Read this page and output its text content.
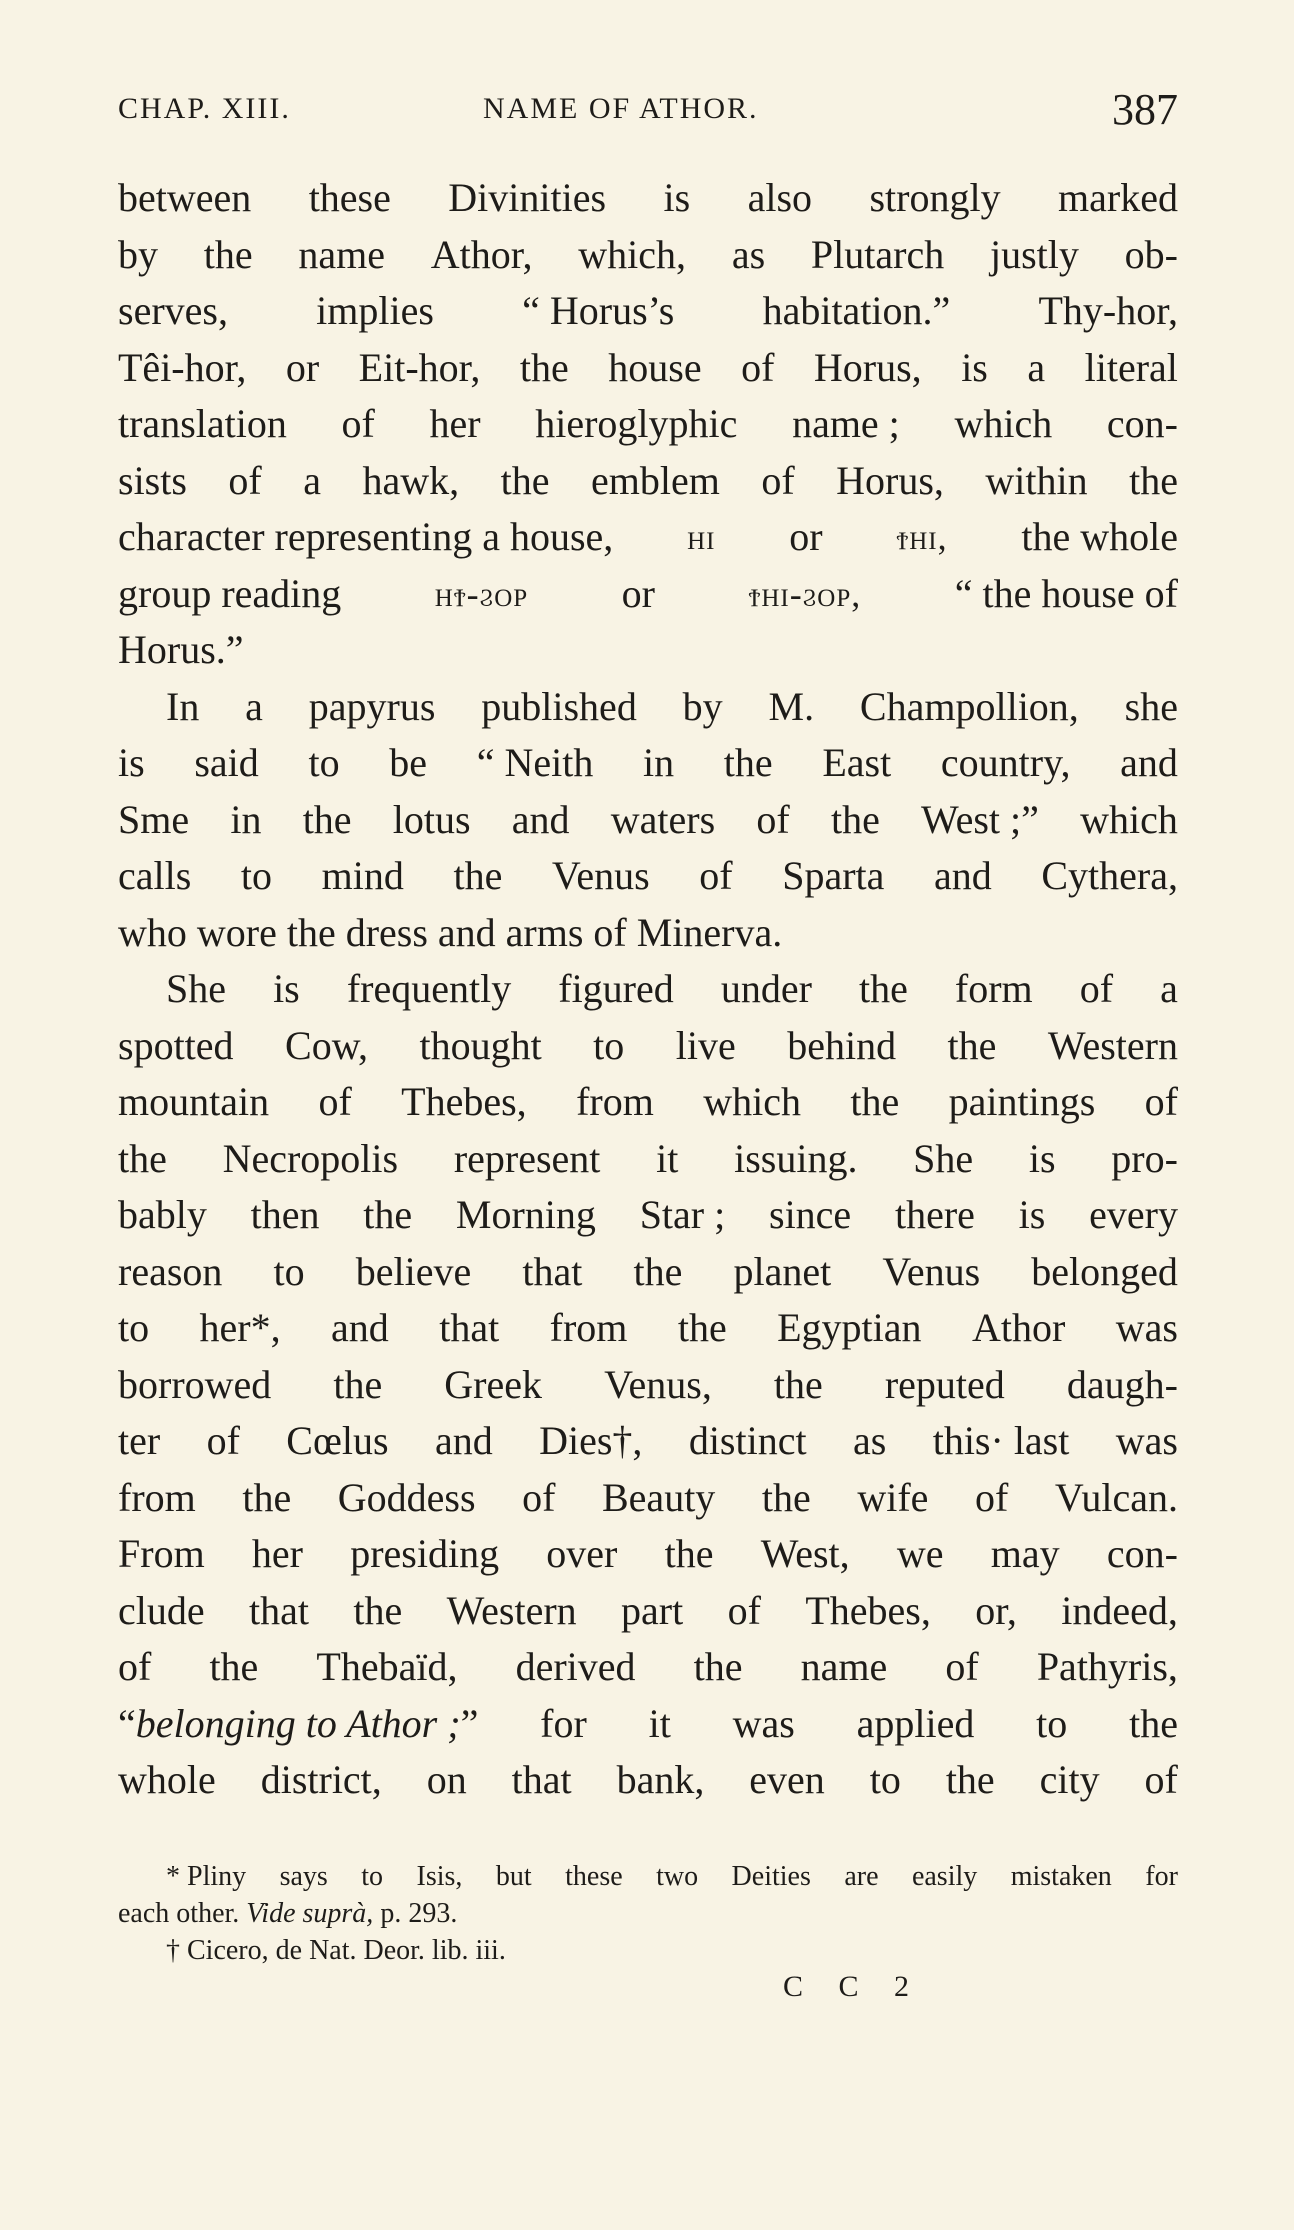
CHAP. XIII.	NAME OF ATHOR.	387
between these Divinities is also strongly marked
by the name Athor, which, as Plutarch justly ob-
serves, implies “ Horus’s habitation.” Thy-hor,
Têi-hor, or Eit-hor, the house of Horus, is a literal
translation of her hieroglyphic name ; which con-
sists of a hawk, the emblem of Horus, within the
character representing a house, hi or ϯhi, the whole
group reading	hϯ-ϩop or	ϯhi-ϩop, “ the house of
Horus.”
In a papyrus published by M. Champollion, she
is said to be “ Neith in the East country, and
Sme in the lotus and waters of the West ;” which
calls to mind the Venus of Sparta and Cythera,
who wore the dress and arms of Minerva.
She is frequently figured under the form of a
spotted Cow, thought to live behind the Western
mountain of Thebes, from which the paintings of
the Necropolis represent it issuing. She is pro-
bably then the Morning Star ; since there is every
reason to believe that the planet Venus belonged
to her*, and that from the Egyptian Athor was
borrowed the Greek Venus, the reputed daugh-
ter of Cœlus and Dies†, distinct as this· last was
from the Goddess of Beauty the wife of Vulcan.
From her presiding over the West, we may con-
clude that the Western part of Thebes, or, indeed,
of the Thebaïd, derived the name of Pathyris,
“belonging to Athor ;” for it was applied to the
whole district, on that bank, even to the city of
* Pliny says to Isis, but these two Deities are easily mistaken for
each other.
Vide suprà,
p. 293.
† Cicero, de Nat. Deor. lib. iii.
C C 2
